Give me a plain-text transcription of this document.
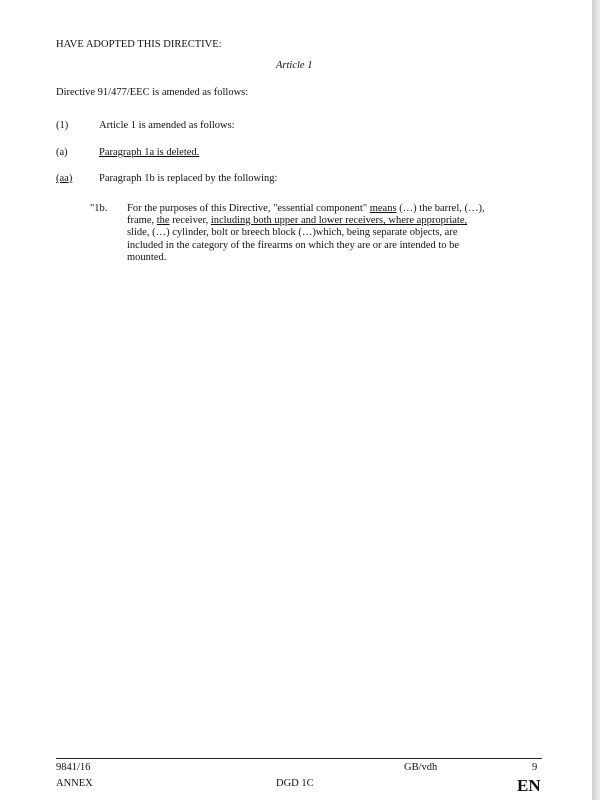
HAVE ADOPTED THIS DIRECTIVE:
Article 1
Directive 91/477/EEC is amended as follows:
(1)	Article 1 is amended as follows:
(a)	Paragraph 1a is deleted.
(aa)	Paragraph 1b is replaced by the following:
"1b. For the purposes of this Directive, "essential component" means (…) the barrel, (…),
frame, the receiver, including both upper and lower receivers, where appropriate,
slide, (…) cylinder, bolt or breech block (…)which, being separate objects, are
included in the category of the firearms on which they are or are intended to be
mounted.
9841/16	GB/vdh	9
ANNEX	DGD 1C	EN
